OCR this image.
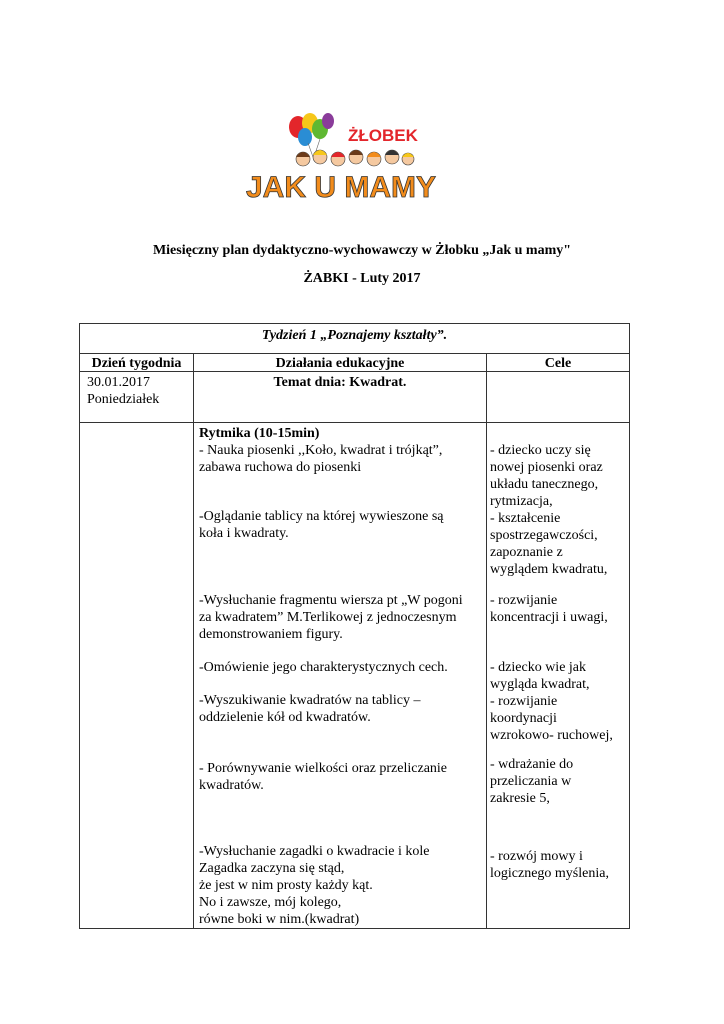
ŻŁOBEK
JAK U MAMY
Miesięczny plan dydaktyczno-wychowawczy w Żłobku „Jak u mamy"
ŻABKI - Luty 2017
Tydzień 1 „Poznajemy kształty”.
Dzień tygodnia	Działania edukacyjne	Cele
30.01.2017
Poniedziałek
Temat dnia: Kwadrat.
Rytmika (10-15min)
- Nauka piosenki ,,Koło, kwadrat i trójkąt”,
zabawa ruchowa do piosenki
-Oglądanie tablicy na której wywieszone są
koła i kwadraty.
-Wysłuchanie fragmentu wiersza pt „W pogoni
za kwadratem” M.Terlikowej z jednoczesnym
demonstrowaniem figury.
-Omówienie jego charakterystycznych cech.
-Wyszukiwanie kwadratów na tablicy –
oddzielenie kół od kwadratów.
- Porównywanie wielkości oraz przeliczanie
kwadratów.
-Wysłuchanie zagadki o kwadracie i kole
Zagadka zaczyna się stąd,
że jest w nim prosty każdy kąt.
No i zawsze, mój kolego,
równe boki w nim.(kwadrat)
- dziecko uczy się
nowej piosenki oraz
układu tanecznego,
rytmizacja,
- kształcenie
spostrzegawczości,
zapoznanie z
wyglądem kwadratu,
- rozwijanie
koncentracji i uwagi,
- dziecko wie jak
wygląda kwadrat,
- rozwijanie
koordynacji
wzrokowo- ruchowej,
- wdrażanie do
przeliczania w
zakresie 5,
- rozwój mowy i
logicznego myślenia,
